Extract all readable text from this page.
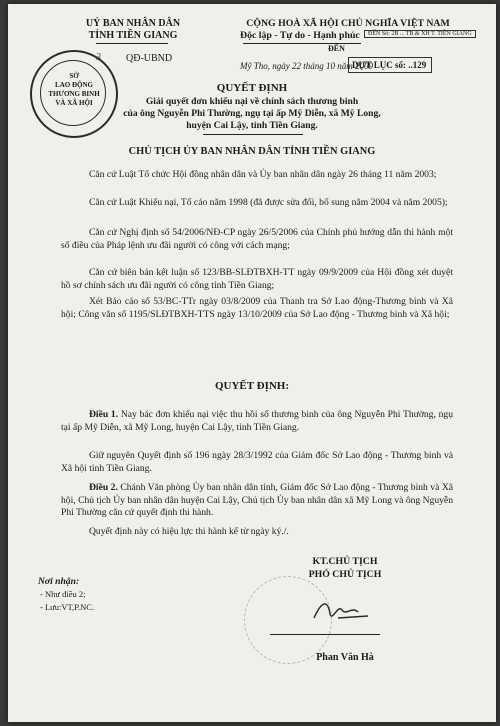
UỶ BAN NHÂN DÂN
TỈNH TIỀN GIANG
QĐ-UBND
3
SỞ
LAO ĐỘNG
THƯƠNG BINH
VÀ XÃ HỘI
CỘNG HOÀ XÃ HỘI CHỦ NGHĨA VIỆT NAM
Độc lập - Tự do - Hạnh phúc	ĐẾN Số: 2B ... TB & XH T. TIỀN GIANG
DỰT LỤC số: ..129
ĐẾN
Mỹ Tho, ngày 22 tháng 10 năm 2009
QUYẾT ĐỊNH
Giải quyết đơn khiếu nại về chính sách thương binh
của ông Nguyễn Phi Thường, ngụ tại ấp Mỹ Diễn, xã Mỹ Long,
huyện Cai Lậy, tỉnh Tiền Giang.
CHỦ TỊCH ỦY BAN NHÂN DÂN TỈNH TIỀN GIANG
Căn cứ Luật Tổ chức Hội đồng nhân dân và Ủy ban nhân dân ngày 26 tháng 11 năm 2003;
Căn cứ Luật Khiếu nại, Tố cáo năm 1998 (đã được sửa đổi, bổ sung năm 2004 và năm 2005);
Căn cứ Nghị định số 54/2006/NĐ-CP ngày 26/5/2006 của Chính phủ hướng dẫn thi hành một số điều của Pháp lệnh ưu đãi người có công với cách mạng;
Căn cứ biên bản kết luận số 123/BB-SLĐTBXH-TT ngày 09/9/2009 của Hội đồng xét duyệt hồ sơ chính sách ưu đãi người có công tỉnh Tiền Giang;
Xét Báo cáo số 53/BC-TTr ngày 03/8/2009 của Thanh tra Sở Lao động-Thương binh và Xã hội; Công văn số 1195/SLĐTBXH-TTS ngày 13/10/2009 của Sở Lao động - Thương binh và Xã hội;
QUYẾT ĐỊNH:
Điều 1. Nay bác đơn khiếu nại việc thu hồi sổ thương binh của ông Nguyễn Phi Thường, ngụ tại ấp Mỹ Diễn, xã Mỹ Long, huyện Cai Lậy, tỉnh Tiền Giang.
Giữ nguyên Quyết định số 196 ngày 28/3/1992 của Giám đốc Sở Lao động - Thương binh và Xã hội tỉnh Tiền Giang.
Điều 2. Chánh Văn phòng Ủy ban nhân dân tỉnh, Giám đốc Sở Lao động - Thương binh và Xã hội, Chủ tịch Ủy ban nhân dân huyện Cai Lậy, Chủ tịch Ủy ban nhân dân xã Mỹ Long và ông Nguyễn Phi Thường căn cứ quyết định thi hành.
Quyết định này có hiệu lực thi hành kể từ ngày ký./.
KT.CHỦ TỊCH
PHÓ CHỦ TỊCH
Phan Văn Hà
Nơi nhận:
- Như điều 2;
- Lưu:VT,P.NC.
